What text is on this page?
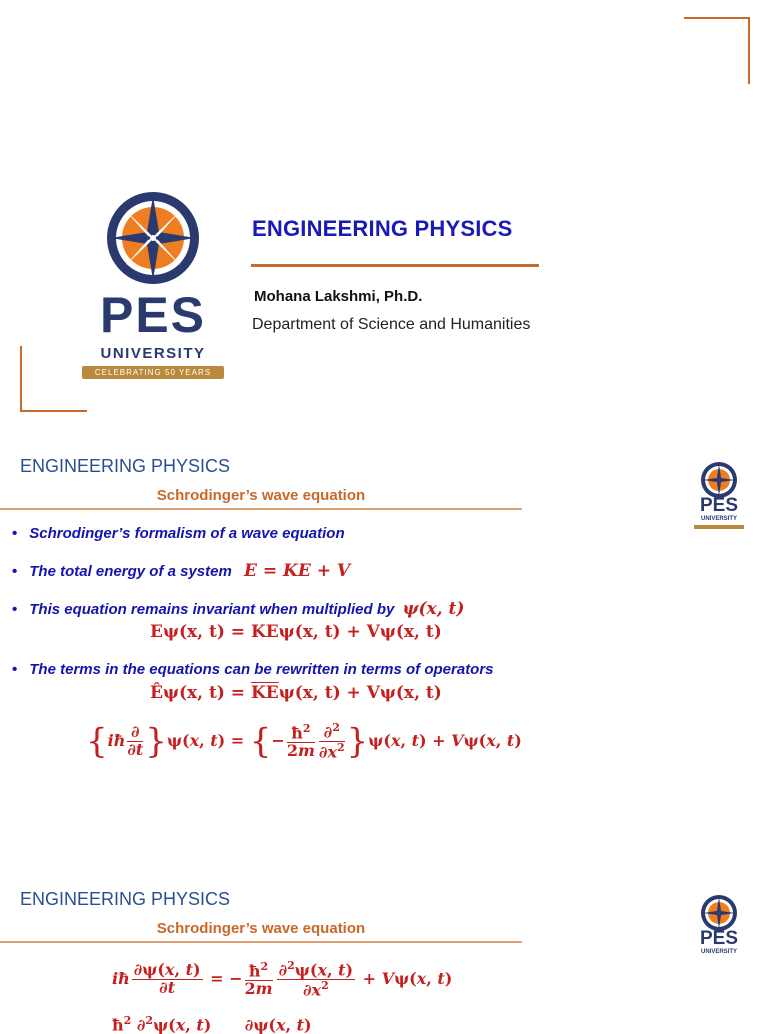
PES
UNIVERSITY
CELEBRATING 50 YEARS
ENGINEERING PHYSICS
Mohana Lakshmi, Ph.D.
Department of Science and Humanities
ENGINEERING PHYSICS
Schrodinger’s wave equation	PES
UNIVERSITY
• Schrodinger’s formalism of a wave equation
• The total energy of a system E = KE + V
• This equation remains invariant when multiplied by ψ(x, t)
Eψ(x, t) = KEψ(x, t) + Vψ(x, t)
• The terms in the equations can be rewritten in terms of operators
Êψ(x, $t) = \overline{KE}\psi(x$, t) + Vψ(x, t)
{iħ $\frac{\partial}{\partial t} \}\psi(x$, t) = {− $\frac{ħ^2}{2m} \frac{\partial^2}{\partial x^2} \}\psi(x$, t) + Vψ(x, t)
ENGINEERING PHYSICS
Schrodinger’s wave equation	PES
UNIVERSITY
iħ $\frac{\partial\psi(x, t)}{\partial t}$ = − $\frac{ħ^2}{2m} \frac{\partial^2\psi(x, t)}{\partial x^2} + V\psi(x$, t)
$ħ^2$ ∂$^2$ψ(x, t)      ∂ψ(x, t)
